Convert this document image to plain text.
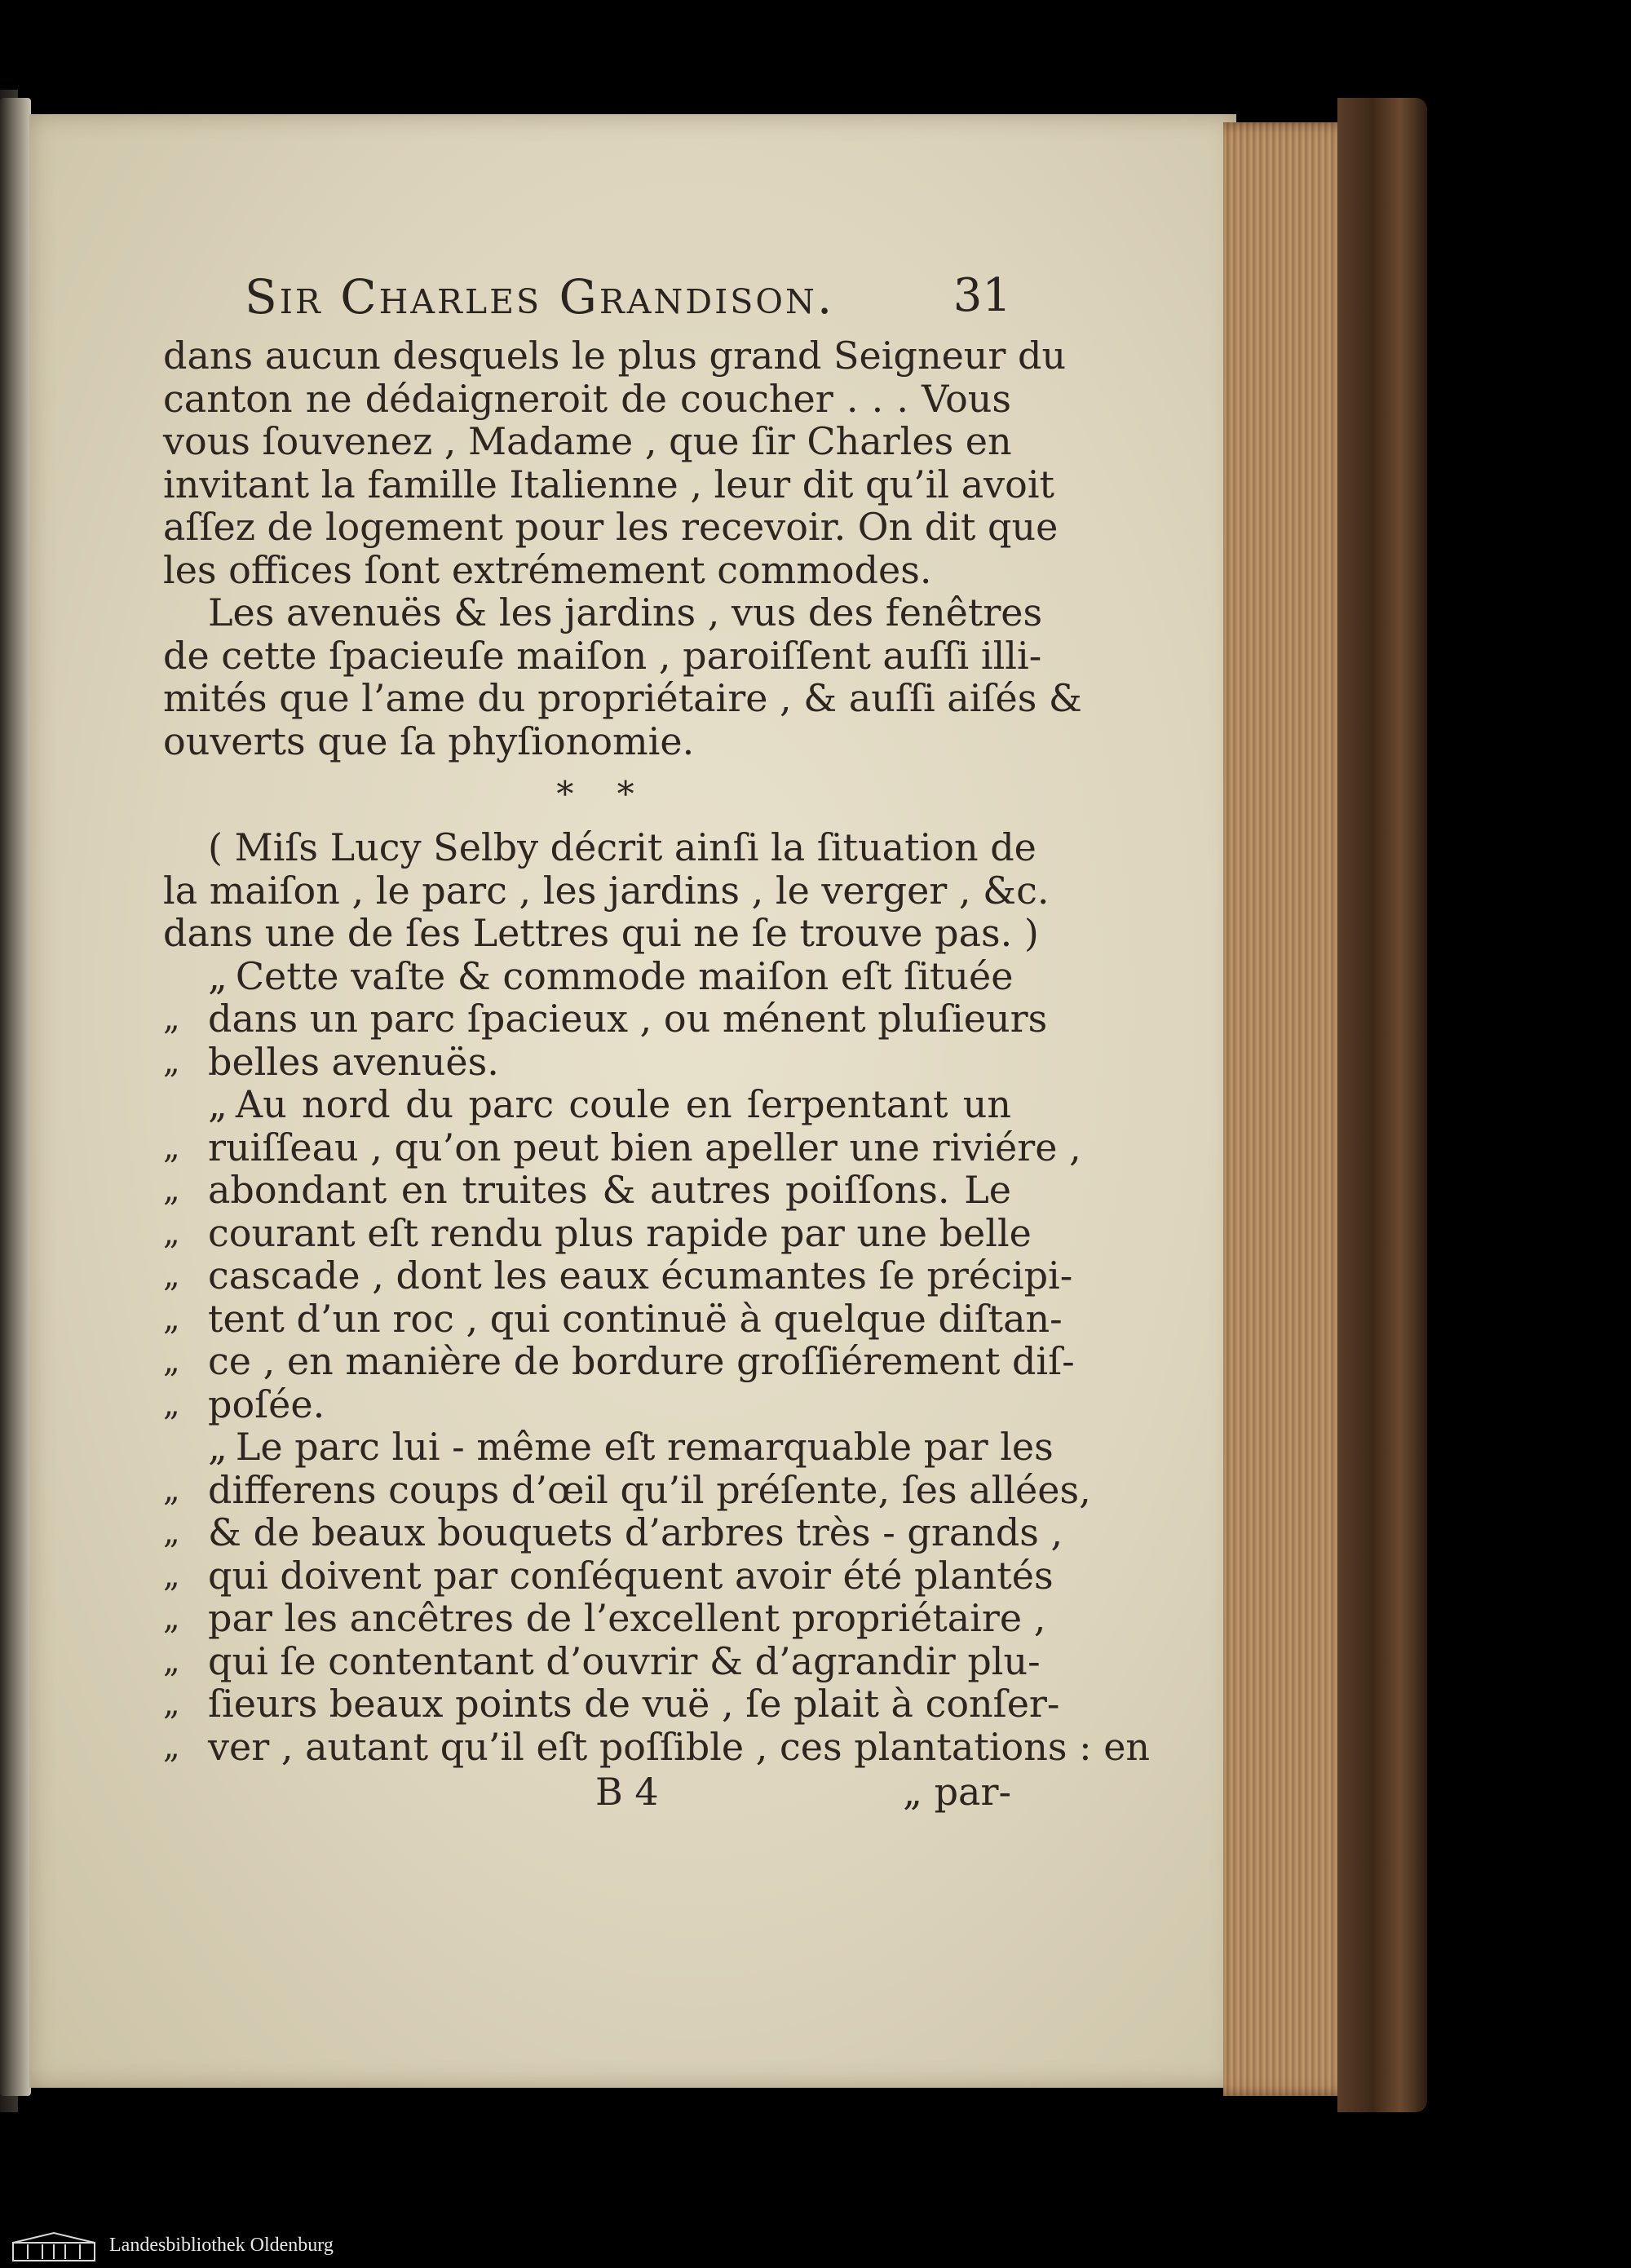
Sir Charles Grandison.	31
dans aucun desquels le plus grand Seigneur du
canton ne dédaigneroit de coucher . . . Vous
vous ſouvenez , Madame , que ſir Charles en
invitant la famille Italienne , leur dit qu’il avoit
aſſez de logement pour les recevoir. On dit que
les offices ſont extrémement commodes.
Les avenuës & les jardins , vus des fenêtres
de cette ſpacieuſe maiſon , paroiſſent auſſi illi-
mités que l’ame du propriétaire , & auſſi aiſés &
ouverts que ſa phyſionomie.
* *
( Miſs Lucy Selby décrit ainſi la ſituation de
la maiſon , le parc , les jardins , le verger , &c.
dans une de ſes Lettres qui ne ſe trouve pas. )
„ Cette vaſte & commode maiſon eſt ſituée
„ dans un parc ſpacieux , ou ménent pluſieurs
„ belles avenuës.
„ Au nord du parc coule en ſerpentant un
„ ruiſſeau , qu’on peut bien apeller une riviére ,
„ abondant en truites & autres poiſſons. Le
„ courant eſt rendu plus rapide par une belle
„ cascade , dont les eaux écumantes ſe précipi-
„ tent d’un roc , qui continuë à quelque diſtan-
„ ce , en manière de bordure groſſiérement diſ-
„ poſée.
„ Le parc lui - même eſt remarquable par les
„ differens coups d’œil qu’il préſente, ſes allées,
„ & de beaux bouquets d’arbres très - grands ,
„ qui doivent par conſéquent avoir été plantés
„ par les ancêtres de l’excellent propriétaire ,
„ qui ſe contentant d’ouvrir & d’agrandir plu-
„ ſieurs beaux points de vuë , ſe plait à conſer-
„ ver , autant qu’il eſt poſſible , ces plantations : en
B 4	„ par-
Landesbibliothek Oldenburg
